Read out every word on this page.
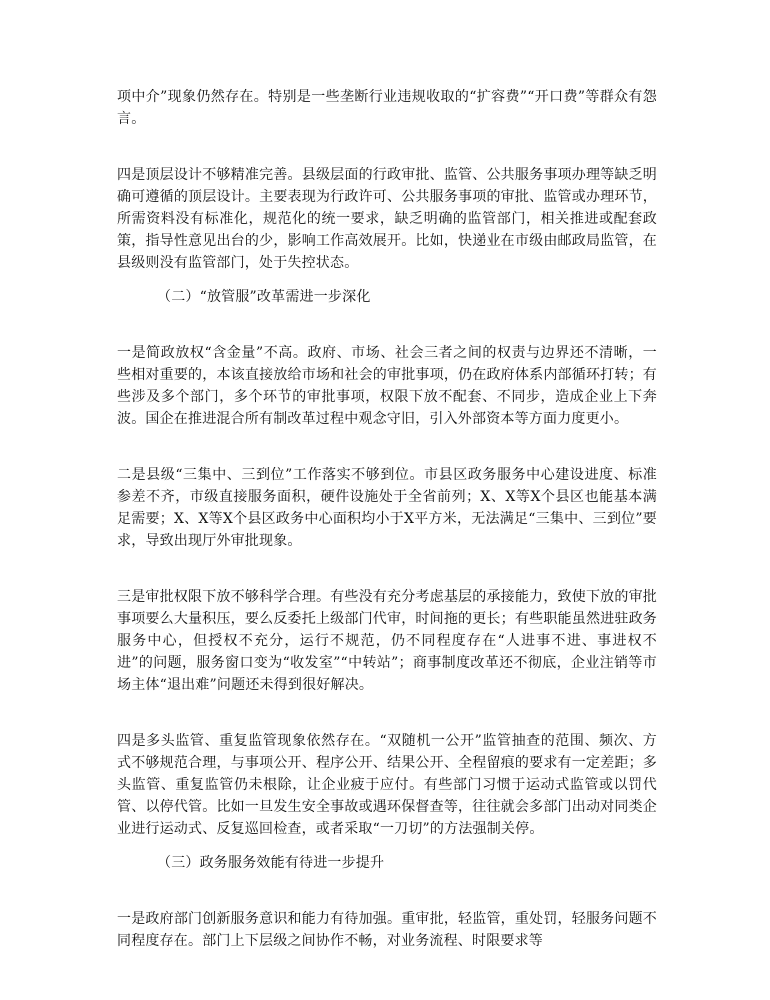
项中介”现象仍然存在。特别是一些垄断行业违规收取的“扩容费”“开口费”等群众有怨言。

四是顶层设计不够精准完善。县级层面的行政审批、监管、公共服务事项办理等缺乏明确可遵循的顶层设计。主要表现为行政许可、公共服务事项的审批、监管或办理环节，所需资料没有标准化，规范化的统一要求，缺乏明确的监管部门，相关推进或配套政策，指导性意见出台的少，影响工作高效展开。比如，快递业在市级由邮政局监管，在县级则没有监管部门，处于失控状态。

（二）“放管服”改革需进一步深化

一是简政放权“含金量”不高。政府、市场、社会三者之间的权责与边界还不清晰，一些相对重要的，本该直接放给市场和社会的审批事项，仍在政府体系内部循环打转；有些涉及多个部门，多个环节的审批事项，权限下放不配套、不同步，造成企业上下奔波。国企在推进混合所有制改革过程中观念守旧，引入外部资本等方面力度更小。

二是县级“三集中、三到位”工作落实不够到位。市县区政务服务中心建设进度、标准参差不齐，市级直接服务面积，硬件设施处于全省前列；X、X等X个县区也能基本满足需要；X、X等X个县区政务中心面积均小于X平方米，无法满足“三集中、三到位”要求，导致出现厅外审批现象。

三是审批权限下放不够科学合理。有些没有充分考虑基层的承接能力，致使下放的审批事项要么大量积压，要么反委托上级部门代审，时间拖的更长；有些职能虽然进驻政务服务中心，但授权不充分，运行不规范，仍不同程度存在“人进事不进、事进权不进”的问题，服务窗口变为“收发室”“中转站”；商事制度改革还不彻底，企业注销等市场主体“退出难”问题还未得到很好解决。

四是多头监管、重复监管现象依然存在。“双随机一公开”监管抽查的范围、频次、方式不够规范合理，与事项公开、程序公开、结果公开、全程留痕的要求有一定差距；多头监管、重复监管仍未根除，让企业疲于应付。有些部门习惯于运动式监管或以罚代管、以停代管。比如一旦发生安全事故或遇环保督查等，往往就会多部门出动对同类企业进行运动式、反复巡回检查，或者采取“一刀切”的方法强制关停。

（三）政务服务效能有待进一步提升

一是政府部门创新服务意识和能力有待加强。重审批，轻监管，重处罚，轻服务问题不同程度存在。部门上下层级之间协作不畅，对业务流程、时限要求等
